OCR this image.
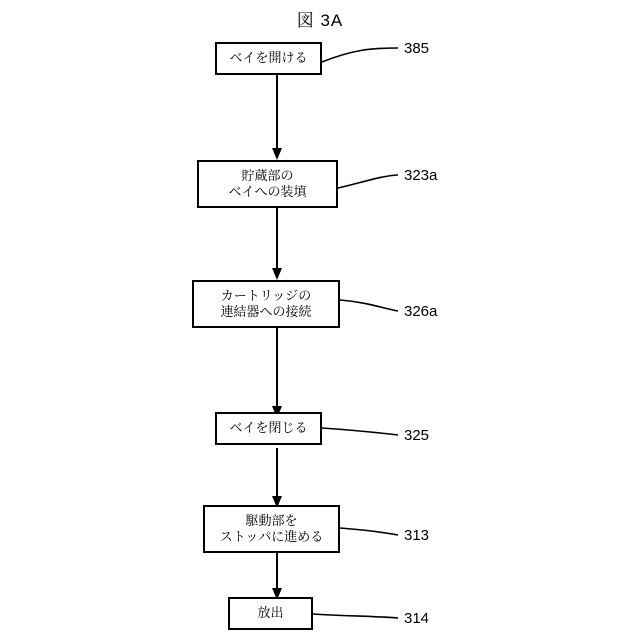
図 3A
ベイを開ける
385
貯蔵部の
ベイへの装填
323a
カートリッジの
連結器への接続	326a
ベイを閉じる	325
駆動部を
ストッパに進める	313
放出	314
